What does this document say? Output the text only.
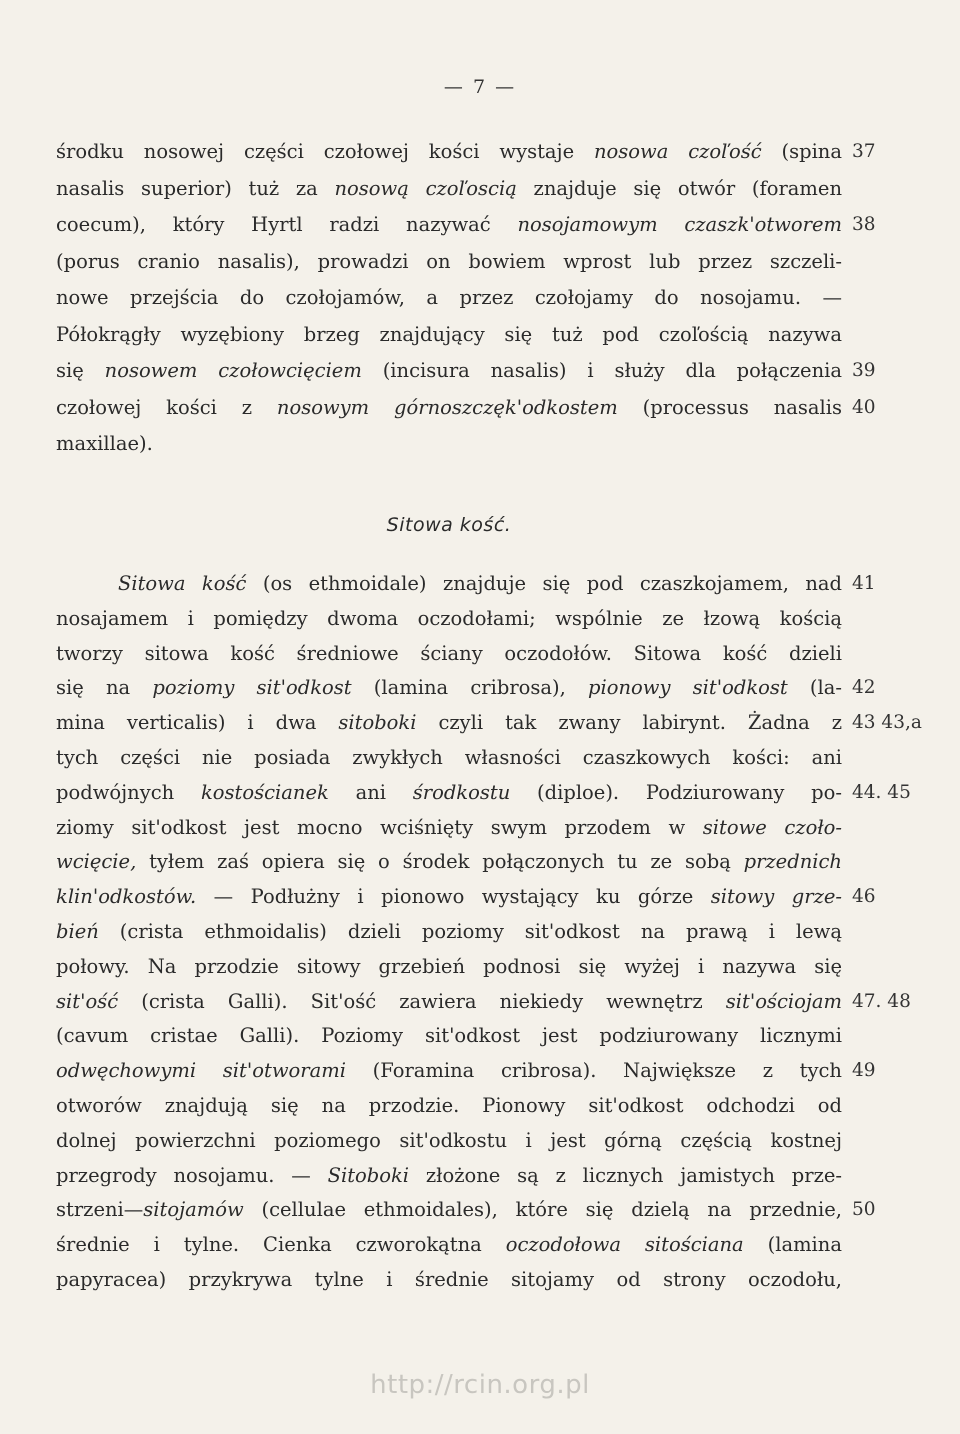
— 7 —
środku nosowej części czołowej kości wystaje nosowa czoľość (spina 37
nasalis superior) tuż za nosową czoľoscią znajduje się otwór (foramen
coecum), który Hyrtl radzi nazywać nosojamowym czaszk'otworem 38
(porus cranio nasalis), prowadzi on bowiem wprost lub przez szczeli-
nowe przejścia do czołojamów, a przez czołojamy do nosojamu. —
Półokrągły wyzębiony brzeg znajdujący się tuż pod czoľością nazywa
się nosowem czołowcięciem (incisura nasalis) i służy dla połączenia 39
czołowej kości z nosowym górnoszczęk'odkostem (processus nasalis 40
maxillae).
Sitowa kość.
Sitowa kość (os ethmoidale) znajduje się pod czaszkojamem, nad 41
nosajamem i pomiędzy dwoma oczodołami; wspólnie ze łzową kością
tworzy sitowa kość średniowe ściany oczodołów. Sitowa kość dzieli
się na poziomy sit'odkost (lamina cribrosa), pionowy sit'odkost (la- 42
mina verticalis) i dwa sitoboki czyli tak zwany labirynt. Żadna z 43 43,a
tych części nie posiada zwykłych własności czaszkowych kości: ani
podwójnych kostościanek ani środkostu (diploe). Podziurowany po- 44. 45
ziomy sit'odkost jest mocno wciśnięty swym przodem w sitowe czoło-
wcięcie, tyłem zaś opiera się o środek połączonych tu ze sobą przednich
klin'odkostów. — Podłużny i pionowo wystający ku górze sitowy grze- 46
bień (crista ethmoidalis) dzieli poziomy sit'odkost na prawą i lewą
połowy. Na przodzie sitowy grzebień podnosi się wyżej i nazywa się
sit'ość (crista Galli). Sit'ość zawiera niekiedy wewnętrz sit'ościojam 47. 48
(cavum cristae Galli). Poziomy sit'odkost jest podziurowany licznymi
odwęchowymi sit'otworami (Foramina cribrosa). Największe z tych 49
otworów znajdują się na przodzie. Pionowy sit'odkost odchodzi od
dolnej powierzchni poziomego sit'odkostu i jest górną częścią kostnej
przegrody nosojamu. — Sitoboki złożone są z licznych jamistych prze-
strzeni—sitojamów (cellulae ethmoidales), które się dzielą na przednie, 50
średnie i tylne. Cienka czworokątna oczodołowa sitościana (lamina
papyracea) przykrywa tylne i średnie sitojamy od strony oczodołu,
http://rcin.org.pl
